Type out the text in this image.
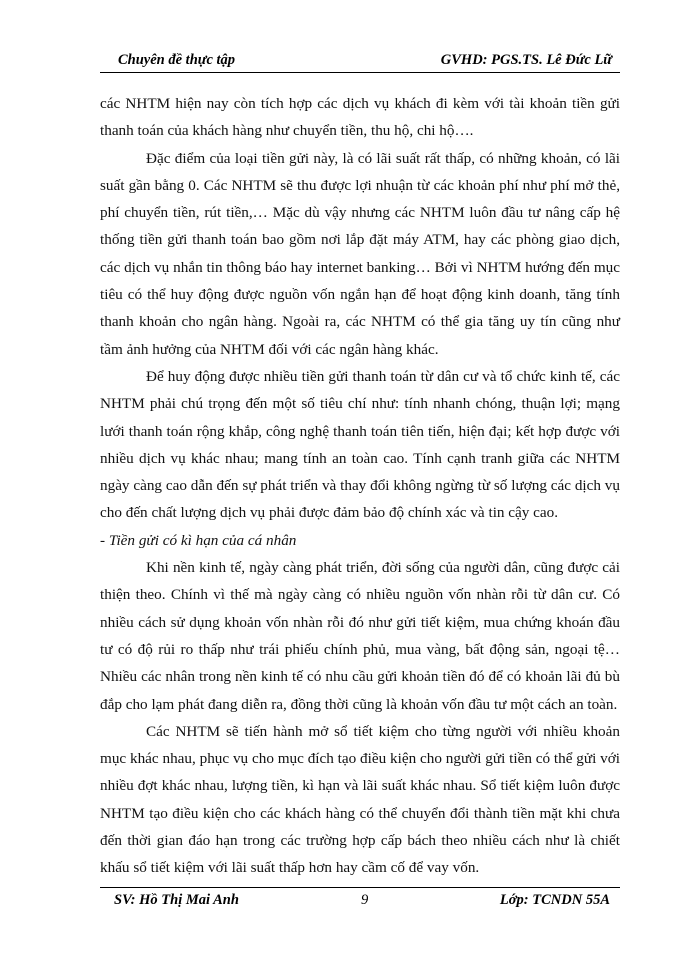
Chuyên đề thực tập	GVHD: PGS.TS. Lê Đức Lữ

các NHTM hiện nay còn tích hợp các dịch vụ khách đi kèm với tài khoản tiền gửi thanh toán của khách hàng như chuyển tiền, thu hộ, chi hộ….

Đặc điểm của loại tiền gửi này, là có lãi suất rất thấp, có những khoản, có lãi suất gần bằng 0. Các NHTM sẽ thu được lợi nhuận từ các khoản phí như phí mở thẻ, phí chuyển tiền, rút tiền,… Mặc dù vậy nhưng các NHTM luôn đầu tư nâng cấp hệ thống tiền gửi thanh toán bao gồm nơi lắp đặt máy ATM, hay các phòng giao dịch, các dịch vụ nhắn tin thông báo hay internet banking… Bởi vì NHTM hướng đến mục tiêu có thể huy động được nguồn vốn ngắn hạn để hoạt động kinh doanh, tăng tính thanh khoản cho ngân hàng. Ngoài ra, các NHTM có thể gia tăng uy tín cũng như tầm ảnh hưởng của NHTM đối với các ngân hàng khác.

Để huy động được nhiều tiền gửi thanh toán từ dân cư và tổ chức kinh tế, các NHTM phải chú trọng đến một số tiêu chí như: tính nhanh chóng, thuận lợi; mạng lưới thanh toán rộng khắp, công nghệ thanh toán tiên tiến, hiện đại; kết hợp được với nhiều dịch vụ khác nhau; mang tính an toàn cao. Tính cạnh tranh giữa các NHTM ngày càng cao dẫn đến sự phát triển và thay đổi không ngừng từ số lượng các dịch vụ cho đến chất lượng dịch vụ phải được đảm bảo độ chính xác và tin cậy cao.

- Tiền gửi có kì hạn của cá nhân

Khi nền kinh tế, ngày càng phát triển, đời sống của người dân, cũng được cải thiện theo. Chính vì thế mà ngày càng có nhiều nguồn vốn nhàn rỗi từ dân cư. Có nhiều cách sử dụng khoản vốn nhàn rỗi đó như gửi tiết kiệm, mua chứng khoán đầu tư có độ rủi ro thấp như trái phiếu chính phủ, mua vàng, bất động sản, ngoại tệ… Nhiều các nhân trong nền kinh tế có nhu cầu gửi khoản tiền đó để có khoản lãi đủ bù đắp cho lạm phát đang diễn ra, đồng thời cũng là khoản vốn đầu tư một cách an toàn.

Các NHTM sẽ tiến hành mở sổ tiết kiệm cho từng người với nhiều khoản mục khác nhau, phục vụ cho mục đích tạo điều kiện cho người gửi tiền có thể gửi với nhiều đợt khác nhau, lượng tiền, kì hạn và lãi suất khác nhau. Sổ tiết kiệm luôn được NHTM tạo điều kiện cho các khách hàng có thể chuyển đổi thành tiền mặt khi chưa đến thời gian đáo hạn trong các trường hợp cấp bách theo nhiều cách như là chiết khấu sổ tiết kiệm với lãi suất thấp hơn hay cầm cố để vay vốn.

SV: Hồ Thị Mai Anh	9	Lớp: TCNDN 55A
